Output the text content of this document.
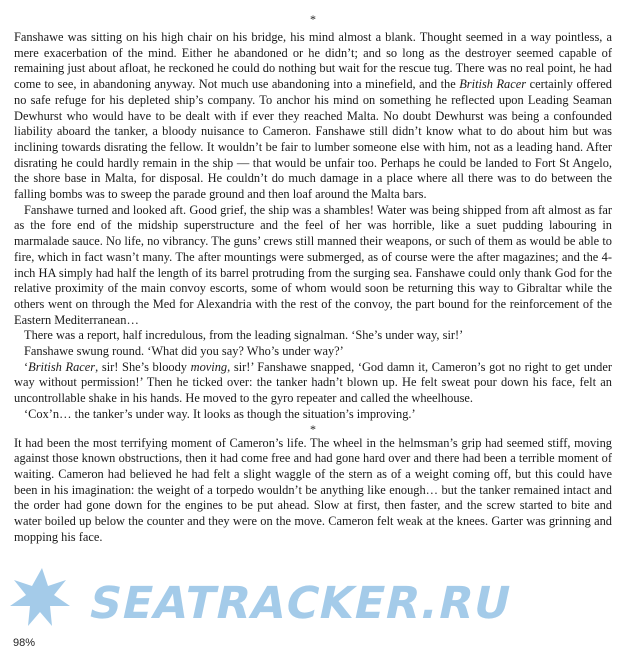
*

Fanshawe was sitting on his high chair on his bridge, his mind almost a blank. Thought seemed in a way pointless, a mere exacerbation of the mind. Either he abandoned or he didn’t; and so long as the destroyer seemed capable of remaining just about afloat, he reckoned he could do nothing but wait for the rescue tug. There was no real point, he had come to see, in abandoning anyway. Not much use abandoning into a minefield, and the British Racer certainly offered no safe refuge for his depleted ship’s company. To anchor his mind on something he reflected upon Leading Seaman Dewhurst who would have to be dealt with if ever they reached Malta. No doubt Dewhurst was being a confounded liability aboard the tanker, a bloody nuisance to Cameron. Fanshawe still didn’t know what to do about him but was inclining towards disrating the fellow. It wouldn’t be fair to lumber someone else with him, not as a leading hand. After disrating he could hardly remain in the ship — that would be unfair too. Perhaps he could be landed to Fort St Angelo, the shore base in Malta, for disposal. He couldn’t do much damage in a place where all there was to do between the falling bombs was to sweep the parade ground and then loaf around the Malta bars.

Fanshawe turned and looked aft. Good grief, the ship was a shambles! Water was being shipped from aft almost as far as the fore end of the midship superstructure and the feel of her was horrible, like a suet pudding labouring in marmalade sauce. No life, no vibrancy. The guns’ crews still manned their weapons, or such of them as would be able to fire, which in fact wasn’t many. The after mountings were submerged, as of course were the after magazines; and the 4-inch HA simply had half the length of its barrel protruding from the surging sea. Fanshawe could only thank God for the relative proximity of the main convoy escorts, some of whom would soon be returning this way to Gibraltar while the others went on through the Med for Alexandria with the rest of the convoy, the part bound for the reinforcement of the Eastern Mediterranean…

There was a report, half incredulous, from the leading signalman. ‘She’s under way, sir!’

Fanshawe swung round. ‘What did you say? Who’s under way?’

‘British Racer, sir! She’s bloody moving, sir!’ Fanshawe snapped, ‘God damn it, Cameron’s got no right to get under way without permission!’ Then he ticked over: the tanker hadn’t blown up. He felt sweat pour down his face, felt an uncontrollable shake in his hands. He moved to the gyro repeater and called the wheelhouse.

‘Cox’n… the tanker’s under way. It looks as though the situation’s improving.’

*

It had been the most terrifying moment of Cameron’s life. The wheel in the helmsman’s grip had seemed stiff, moving against those known obstructions, then it had come free and had gone hard over and there had been a terrible moment of waiting. Cameron had believed he had felt a slight waggle of the stern as of a weight coming off, but this could have been in his imagination: the weight of a torpedo wouldn’t be anything like enough… but the tanker remained intact and the order had gone down for the engines to be put ahead. Slow at first, then faster, and the screw started to bite and water boiled up below the counter and they were on the move. Cameron felt weak at the knees. Garter was grinning and mopping his face.

SEATRACKER.RU
98%
